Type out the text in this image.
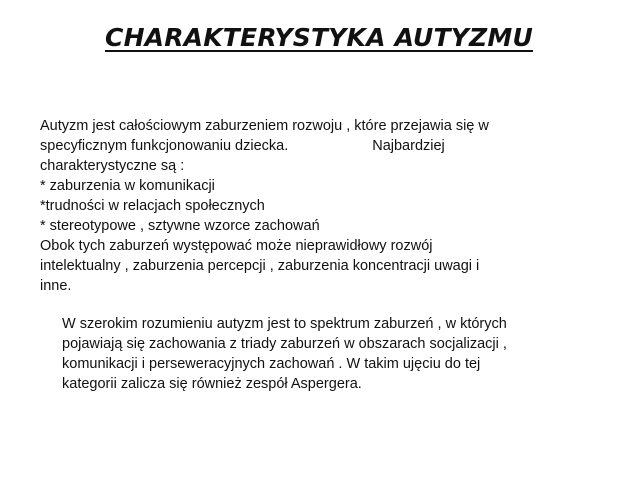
CHARAKTERYSTYKA AUTYZMU

Autyzm jest całościowym zaburzeniem rozwoju , które przejawia się w
specyficznym funkcjonowaniu dziecka.	Najbardziej
charakterystyczne są :
* zaburzenia w komunikacji
*trudności w relacjach społecznych
* stereotypowe , sztywne wzorce zachowań
Obok tych zaburzeń występować może nieprawidłowy rozwój
intelektualny , zaburzenia percepcji , zaburzenia koncentracji uwagi i
inne.

W szerokim rozumieniu autyzm jest to spektrum zaburzeń , w których
pojawiają się zachowania z triady zaburzeń w obszarach socjalizacji ,
komunikacji i perseweracyjnych zachowań . W takim ujęciu do tej
kategorii zalicza się również zespół Aspergera.
